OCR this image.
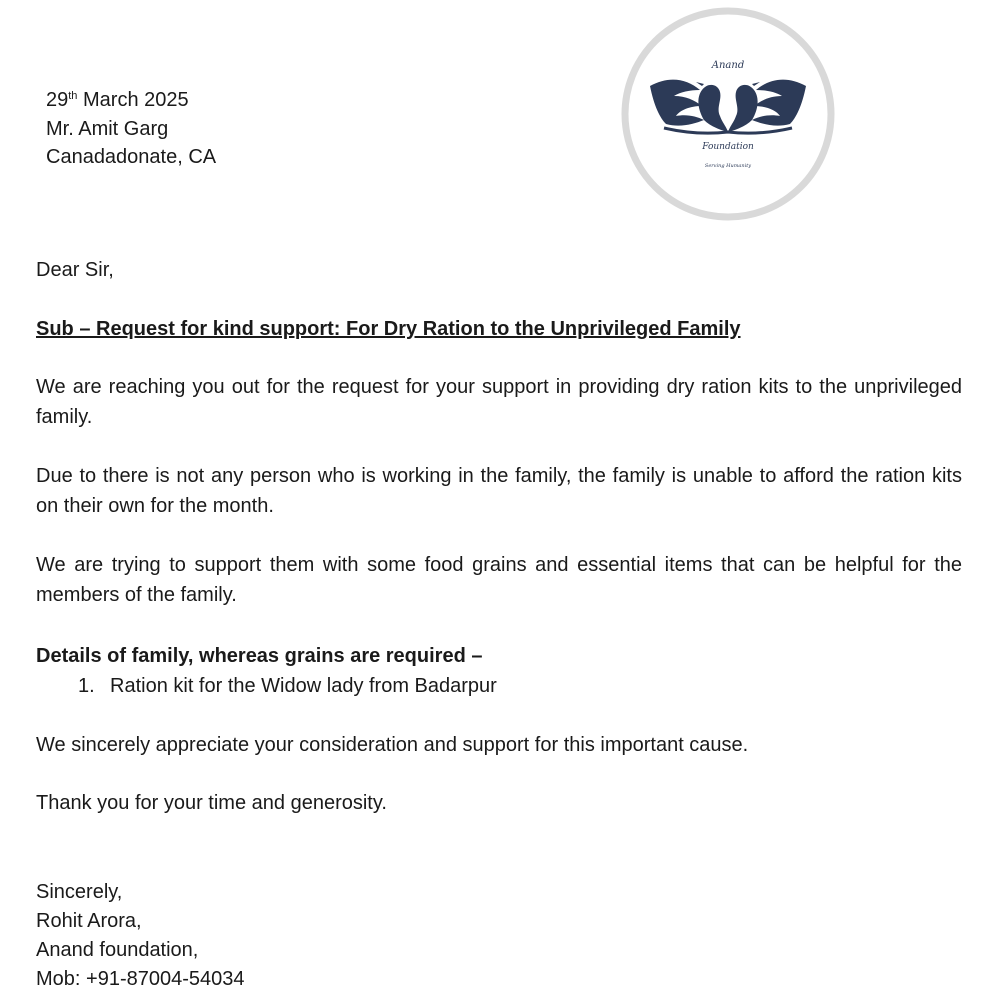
29th March 2025
Mr. Amit Garg
Canadadonate, CA
Anand
Foundation
Serving Humanity
Dear Sir,
Sub – Request for kind support: For Dry Ration to the Unprivileged Family
We are reaching you out for the request for your support in providing dry ration kits to the unprivileged family.
Due to there is not any person who is working in the family, the family is unable to afford the ration kits on their own for the month.
We are trying to support them with some food grains and essential items that can be helpful for the members of the family.
Details of family, whereas grains are required –
1. Ration kit for the Widow lady from Badarpur
We sincerely appreciate your consideration and support for this important cause.
Thank you for your time and generosity.
Sincerely,
Rohit Arora,
Anand foundation,
Mob: +91-87004-54034
